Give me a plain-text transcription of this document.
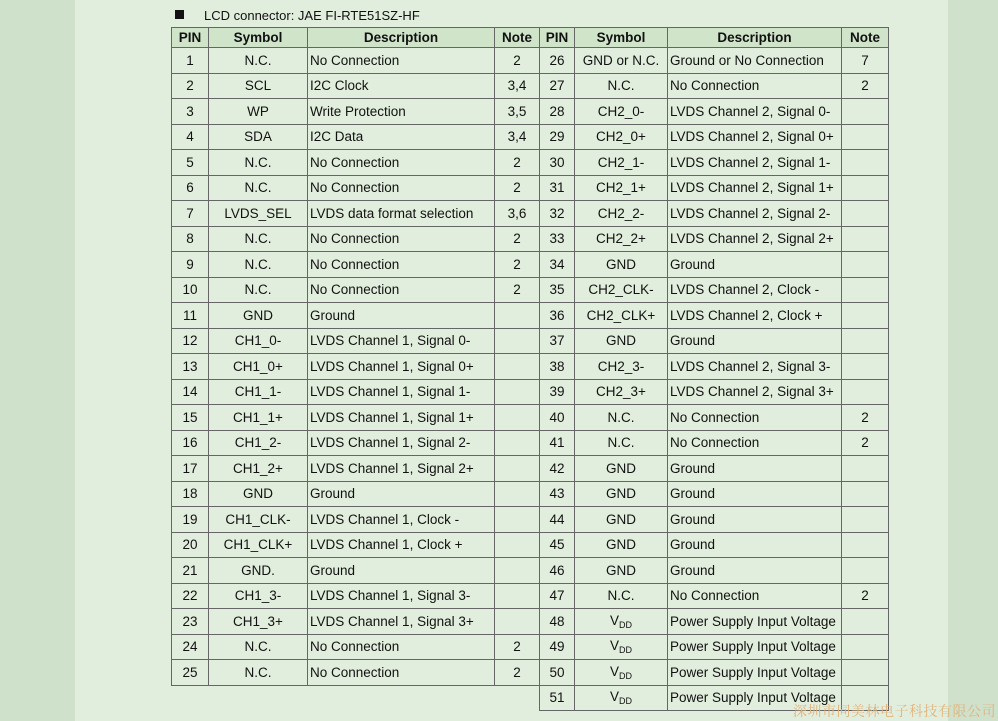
LCD connector: JAE FI-RTE51SZ-HF
PIN	Symbol	Description	Note
1	N.C.	No Connection	2
2	SCL	I2C Clock	3,4
3	WP	Write Protection	3,5
4	SDA	I2C Data	3,4
5	N.C.	No Connection	2
6	N.C.	No Connection	2
7	LVDS_SEL	LVDS data format selection	3,6
8	N.C.	No Connection	2
9	N.C.	No Connection	2
10	N.C.	No Connection	2
11	GND	Ground	
12	CH1_0-	LVDS Channel 1, Signal 0-	
13	CH1_0+	LVDS Channel 1, Signal 0+	
14	CH1_1-	LVDS Channel 1, Signal 1-	
15	CH1_1+	LVDS Channel 1, Signal 1+	
16	CH1_2-	LVDS Channel 1, Signal 2-	
17	CH1_2+	LVDS Channel 1, Signal 2+	
18	GND	Ground	
19	CH1_CLK-	LVDS Channel 1, Clock -	
20	CH1_CLK+	LVDS Channel 1, Clock +	
21	GND.	Ground	
22	CH1_3-	LVDS Channel 1, Signal 3-	
23	CH1_3+	LVDS Channel 1, Signal 3+	
24	N.C.	No Connection	2
25	N.C.	No Connection	2
PIN	Symbol	Description	Note
26	GND or N.C.	Ground or No Connection	7
27	N.C.	No Connection	2
28	CH2_0-	LVDS Channel 2, Signal 0-	
29	CH2_0+	LVDS Channel 2, Signal 0+	
30	CH2_1-	LVDS Channel 2, Signal 1-	
31	CH2_1+	LVDS Channel 2, Signal 1+	
32	CH2_2-	LVDS Channel 2, Signal 2-	
33	CH2_2+	LVDS Channel 2, Signal 2+	
34	GND	Ground	
35	CH2_CLK-	LVDS Channel 2, Clock -	
36	CH2_CLK+	LVDS Channel 2, Clock +	
37	GND	Ground	
38	CH2_3-	LVDS Channel 2, Signal 3-	
39	CH2_3+	LVDS Channel 2, Signal 3+	
40	N.C.	No Connection	2
41	N.C.	No Connection	2
42	GND	Ground	
43	GND	Ground	
44	GND	Ground	
45	GND	Ground	
46	GND	Ground	
47	N.C.	No Connection	2
48	$V_{DD}$	Power Supply Input Voltage	
49	$V_{DD}$	Power Supply Input Voltage	
50	$V_{DD}$	Power Supply Input Voltage	
51	$V_{DD}$	Power Supply Input Voltage	
深圳市同美林电子科技有限公司
